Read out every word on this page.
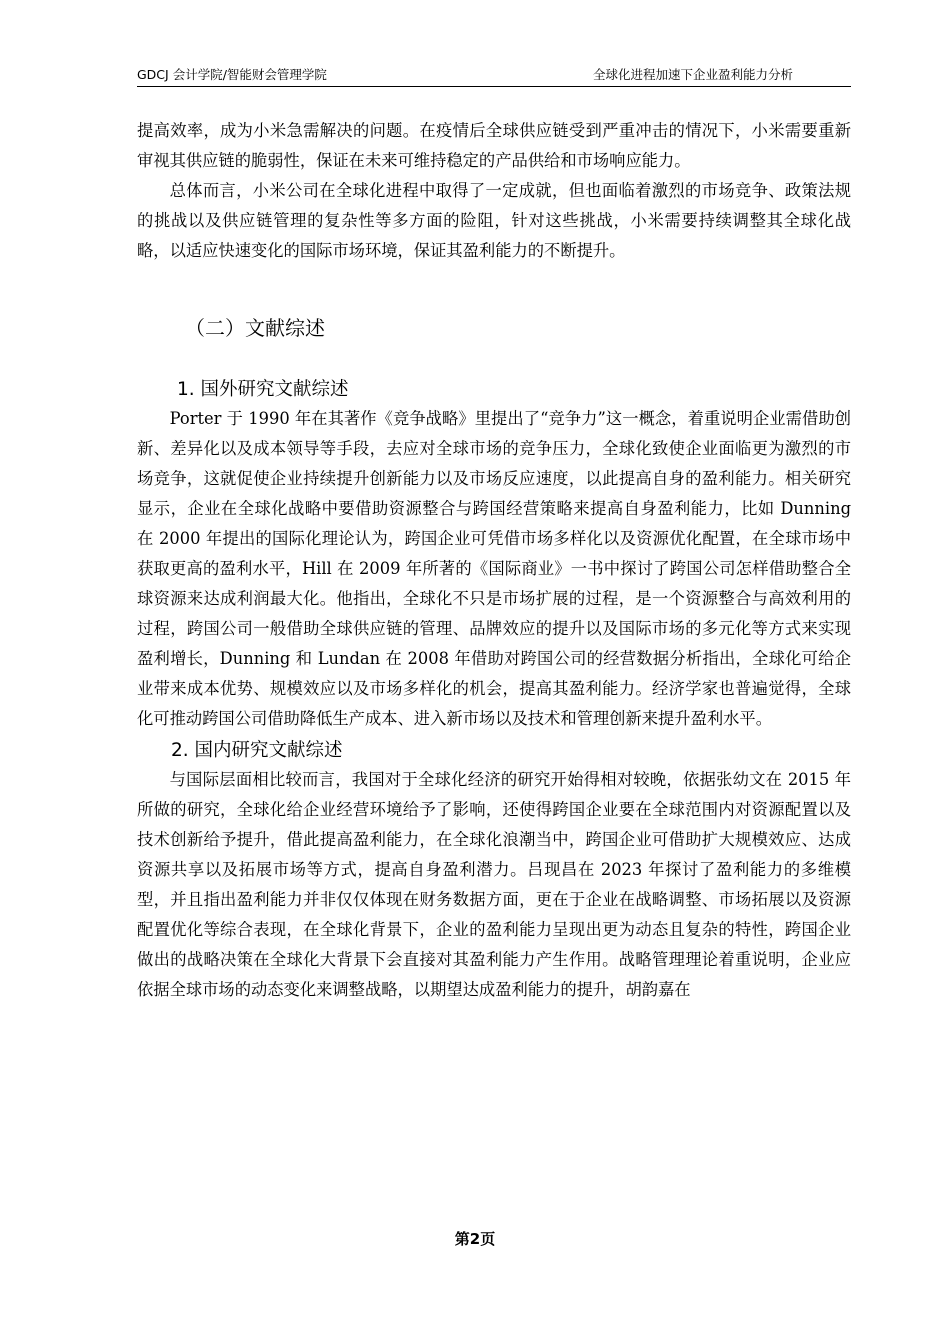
GDCJ 会计学院/智能财会管理学院	全球化进程加速下企业盈利能力分析

提高效率，成为小米急需解决的问题。在疫情后全球供应链受到严重冲击的情况下，小米需要重新审视其供应链的脆弱性，保证在未来可维持稳定的产品供给和市场响应能力。

总体而言，小米公司在全球化进程中取得了一定成就，但也面临着激烈的市场竞争、政策法规的挑战以及供应链管理的复杂性等多方面的险阻，针对这些挑战，小米需要持续调整其全球化战略，以适应快速变化的国际市场环境，保证其盈利能力的不断提升。

（二）文献综述
1. 国外研究文献综述

Porter 于 1990 年在其著作《竞争战略》里提出了“竞争力”这一概念，着重说明企业需借助创新、差异化以及成本领导等手段，去应对全球市场的竞争压力，全球化致使企业面临更为激烈的市场竞争，这就促使企业持续提升创新能力以及市场反应速度，以此提高自身的盈利能力。相关研究显示，企业在全球化战略中要借助资源整合与跨国经营策略来提高自身盈利能力，比如 Dunning 在 2000 年提出的国际化理论认为，跨国企业可凭借市场多样化以及资源优化配置，在全球市场中获取更高的盈利水平，Hill 在 2009 年所著的《国际商业》一书中探讨了跨国公司怎样借助整合全球资源来达成利润最大化。他指出，全球化不只是市场扩展的过程，是一个资源整合与高效利用的过程，跨国公司一般借助全球供应链的管理、品牌效应的提升以及国际市场的多元化等方式来实现盈利增长，Dunning 和 Lundan 在 2008 年借助对跨国公司的经营数据分析指出，全球化可给企业带来成本优势、规模效应以及市场多样化的机会，提高其盈利能力。经济学家也普遍觉得，全球化可推动跨国公司借助降低生产成本、进入新市场以及技术和管理创新来提升盈利水平。

2. 国内研究文献综述

与国际层面相比较而言，我国对于全球化经济的研究开始得相对较晚，依据张幼文在 2015 年所做的研究，全球化给企业经营环境给予了影响，还使得跨国企业要在全球范围内对资源配置以及技术创新给予提升，借此提高盈利能力，在全球化浪潮当中，跨国企业可借助扩大规模效应、达成资源共享以及拓展市场等方式，提高自身盈利潜力。吕现昌在 2023 年探讨了盈利能力的多维模型，并且指出盈利能力并非仅仅体现在财务数据方面，更在于企业在战略调整、市场拓展以及资源配置优化等综合表现，在全球化背景下，企业的盈利能力呈现出更为动态且复杂的特性，跨国企业做出的战略决策在全球化大背景下会直接对其盈利能力产生作用。战略管理理论着重说明，企业应依据全球市场的动态变化来调整战略，以期望达成盈利能力的提升，胡韵嘉在

第2页
